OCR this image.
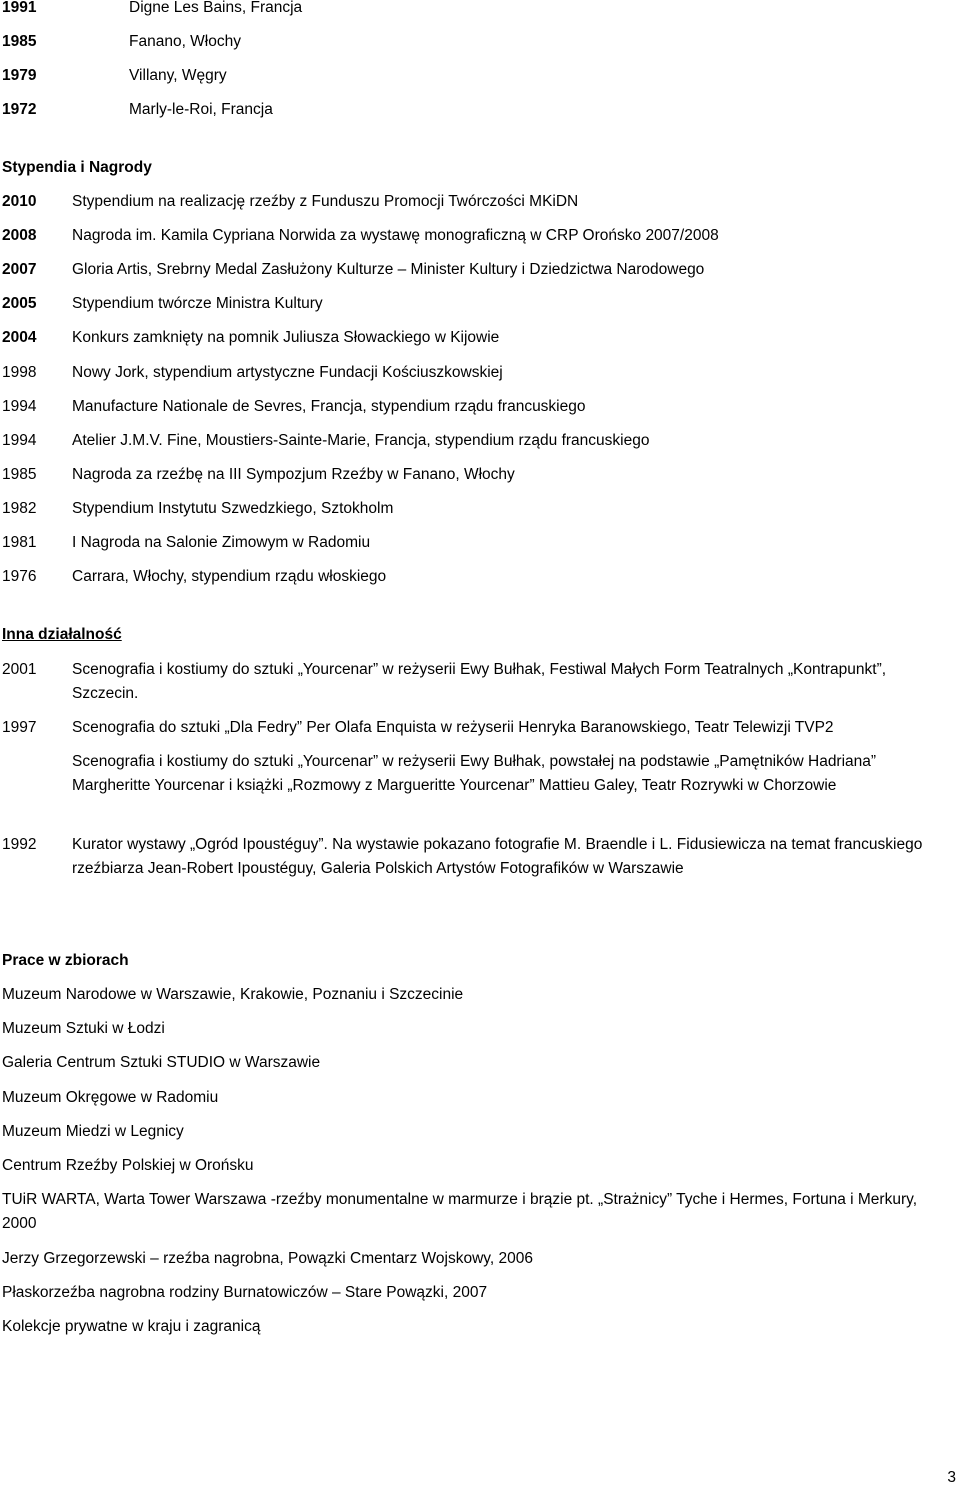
1991	Digne Les Bains, Francja
1985	Fanano, Włochy
1979	Villany, Węgry
1972	Marly-le-Roi, Francja
Stypendia i Nagrody
2010 Stypendium na realizację rzeźby z Funduszu Promocji Twórczości MKiDN
2008 Nagroda im. Kamila Cypriana Norwida za wystawę monograficzną w CRP Orońsko 2007/2008
2007 Gloria Artis, Srebrny Medal Zasłużony Kulturze – Minister Kultury i Dziedzictwa Narodowego
2005 Stypendium twórcze Ministra Kultury
2004 Konkurs zamknięty na pomnik Juliusza Słowackiego w Kijowie
1998 Nowy Jork, stypendium artystyczne Fundacji Kościuszkowskiej
1994 Manufacture Nationale de Sevres, Francja, stypendium rządu francuskiego
1994 Atelier J.M.V. Fine, Moustiers-Sainte-Marie, Francja, stypendium rządu francuskiego
1985 Nagroda za rzeźbę na III Sympozjum Rzeźby w Fanano, Włochy
1982 Stypendium Instytutu Szwedzkiego, Sztokholm
1981 I Nagroda na Salonie Zimowym w Radomiu
1976 Carrara, Włochy, stypendium rządu włoskiego
Inna działalność
2001 Scenografia i kostiumy do sztuki „Yourcenar” w reżyserii Ewy Bułhak, Festiwal Małych Form Teatralnych „Kontrapunkt”, Szczecin.
1997 Scenografia do sztuki „Dla Fedry” Per Olafa Enquista w reżyserii Henryka Baranowskiego, Teatr Telewizji TVP2
Scenografia i kostiumy do sztuki „Yourcenar” w reżyserii Ewy Bułhak, powstałej na podstawie „Pamętników Hadriana” Margheritte Yourcenar i książki „Rozmowy z Margueritte Yourcenar” Mattieu Galey, Teatr Rozrywki w Chorzowie
1992 Kurator wystawy „Ogród Ipoustéguy”. Na wystawie pokazano fotografie M. Braendle i L. Fidusiewicza na temat francuskiego rzeźbiarza Jean-Robert Ipoustéguy, Galeria Polskich Artystów Fotografików w Warszawie
Prace w zbiorach
Muzeum Narodowe w Warszawie, Krakowie, Poznaniu i Szczecinie
Muzeum Sztuki w Łodzi
Galeria Centrum Sztuki STUDIO w Warszawie
Muzeum Okręgowe w Radomiu
Muzeum Miedzi w Legnicy
Centrum Rzeźby Polskiej w Orońsku
TUiR WARTA, Warta Tower Warszawa -rzeźby monumentalne w marmurze i brązie pt. „Strażnicy” Tyche i Hermes, Fortuna i Merkury, 2000
Jerzy Grzegorzewski – rzeźba nagrobna, Powązki Cmentarz Wojskowy, 2006
Płaskorzeźba nagrobna rodziny Burnatowiczów – Stare Powązki, 2007
Kolekcje prywatne w kraju i zagranicą
3
